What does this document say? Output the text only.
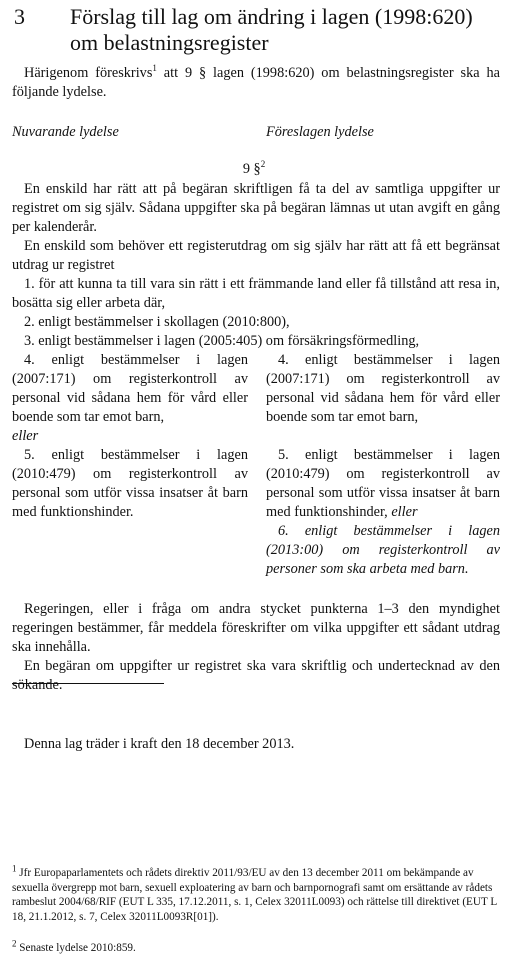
3 Förslag till lag om ändring i lagen (1998:620) om belastningsregister
Härigenom föreskrivs$^1$ att 9 § lagen (1998:620) om belastningsregister ska ha följande lydelse.
Nuvarande lydelse	Föreslagen lydelse
9 §$^2$
En enskild har rätt att på begäran skriftligen få ta del av samtliga uppgifter ur registret om sig själv. Sådana uppgifter ska på begäran lämnas ut utan avgift en gång per kalenderår.
En enskild som behöver ett registerutdrag om sig själv har rätt att få ett begränsat utdrag ur registret
1. för att kunna ta till vara sin rätt i ett främmande land eller få tillstånd att resa in, bosätta sig eller arbeta där,
2. enligt bestämmelser i skollagen (2010:800),
3. enligt bestämmelser i lagen (2005:405) om försäkringsförmedling,
4. enligt bestämmelser i lagen (2007:171) om registerkontroll av personal vid sådana hem för vård eller boende som tar emot barn,
eller
5. enligt bestämmelser i lagen (2010:479) om registerkontroll av personal som utför vissa insatser åt barn med funktionshinder.
4. enligt bestämmelser i lagen (2007:171) om registerkontroll av personal vid sådana hem för vård eller boende som tar emot barn,
5. enligt bestämmelser i lagen (2010:479) om registerkontroll av personal som utför vissa insatser åt barn med funktionshinder, eller
6. enligt bestämmelser i lagen (2013:00) om registerkontroll av personer som ska arbeta med barn.
Regeringen, eller i fråga om andra stycket punkterna 1–3 den myndighet regeringen bestämmer, får meddela föreskrifter om vilka uppgifter ett sådant utdrag ska innehålla.
En begäran om uppgifter ur registret ska vara skriftlig och undertecknad av den sökande.
Denna lag träder i kraft den 18 december 2013.
$^1$ Jfr Europaparlamentets och rådets direktiv 2011/93/EU av den 13 december 2011 om bekämpande av sexuella övergrepp mot barn, sexuell exploatering av barn och barnpornografi samt om ersättande av rådets rambeslut 2004/68/RIF (EUT L 335, 17.12.2011, s. 1, Celex 32011L0093) och rättelse till direktivet (EUT L 18, 21.1.2012, s. 7, Celex 32011L0093R[01]).
$^2$ Senaste lydelse 2010:859.
